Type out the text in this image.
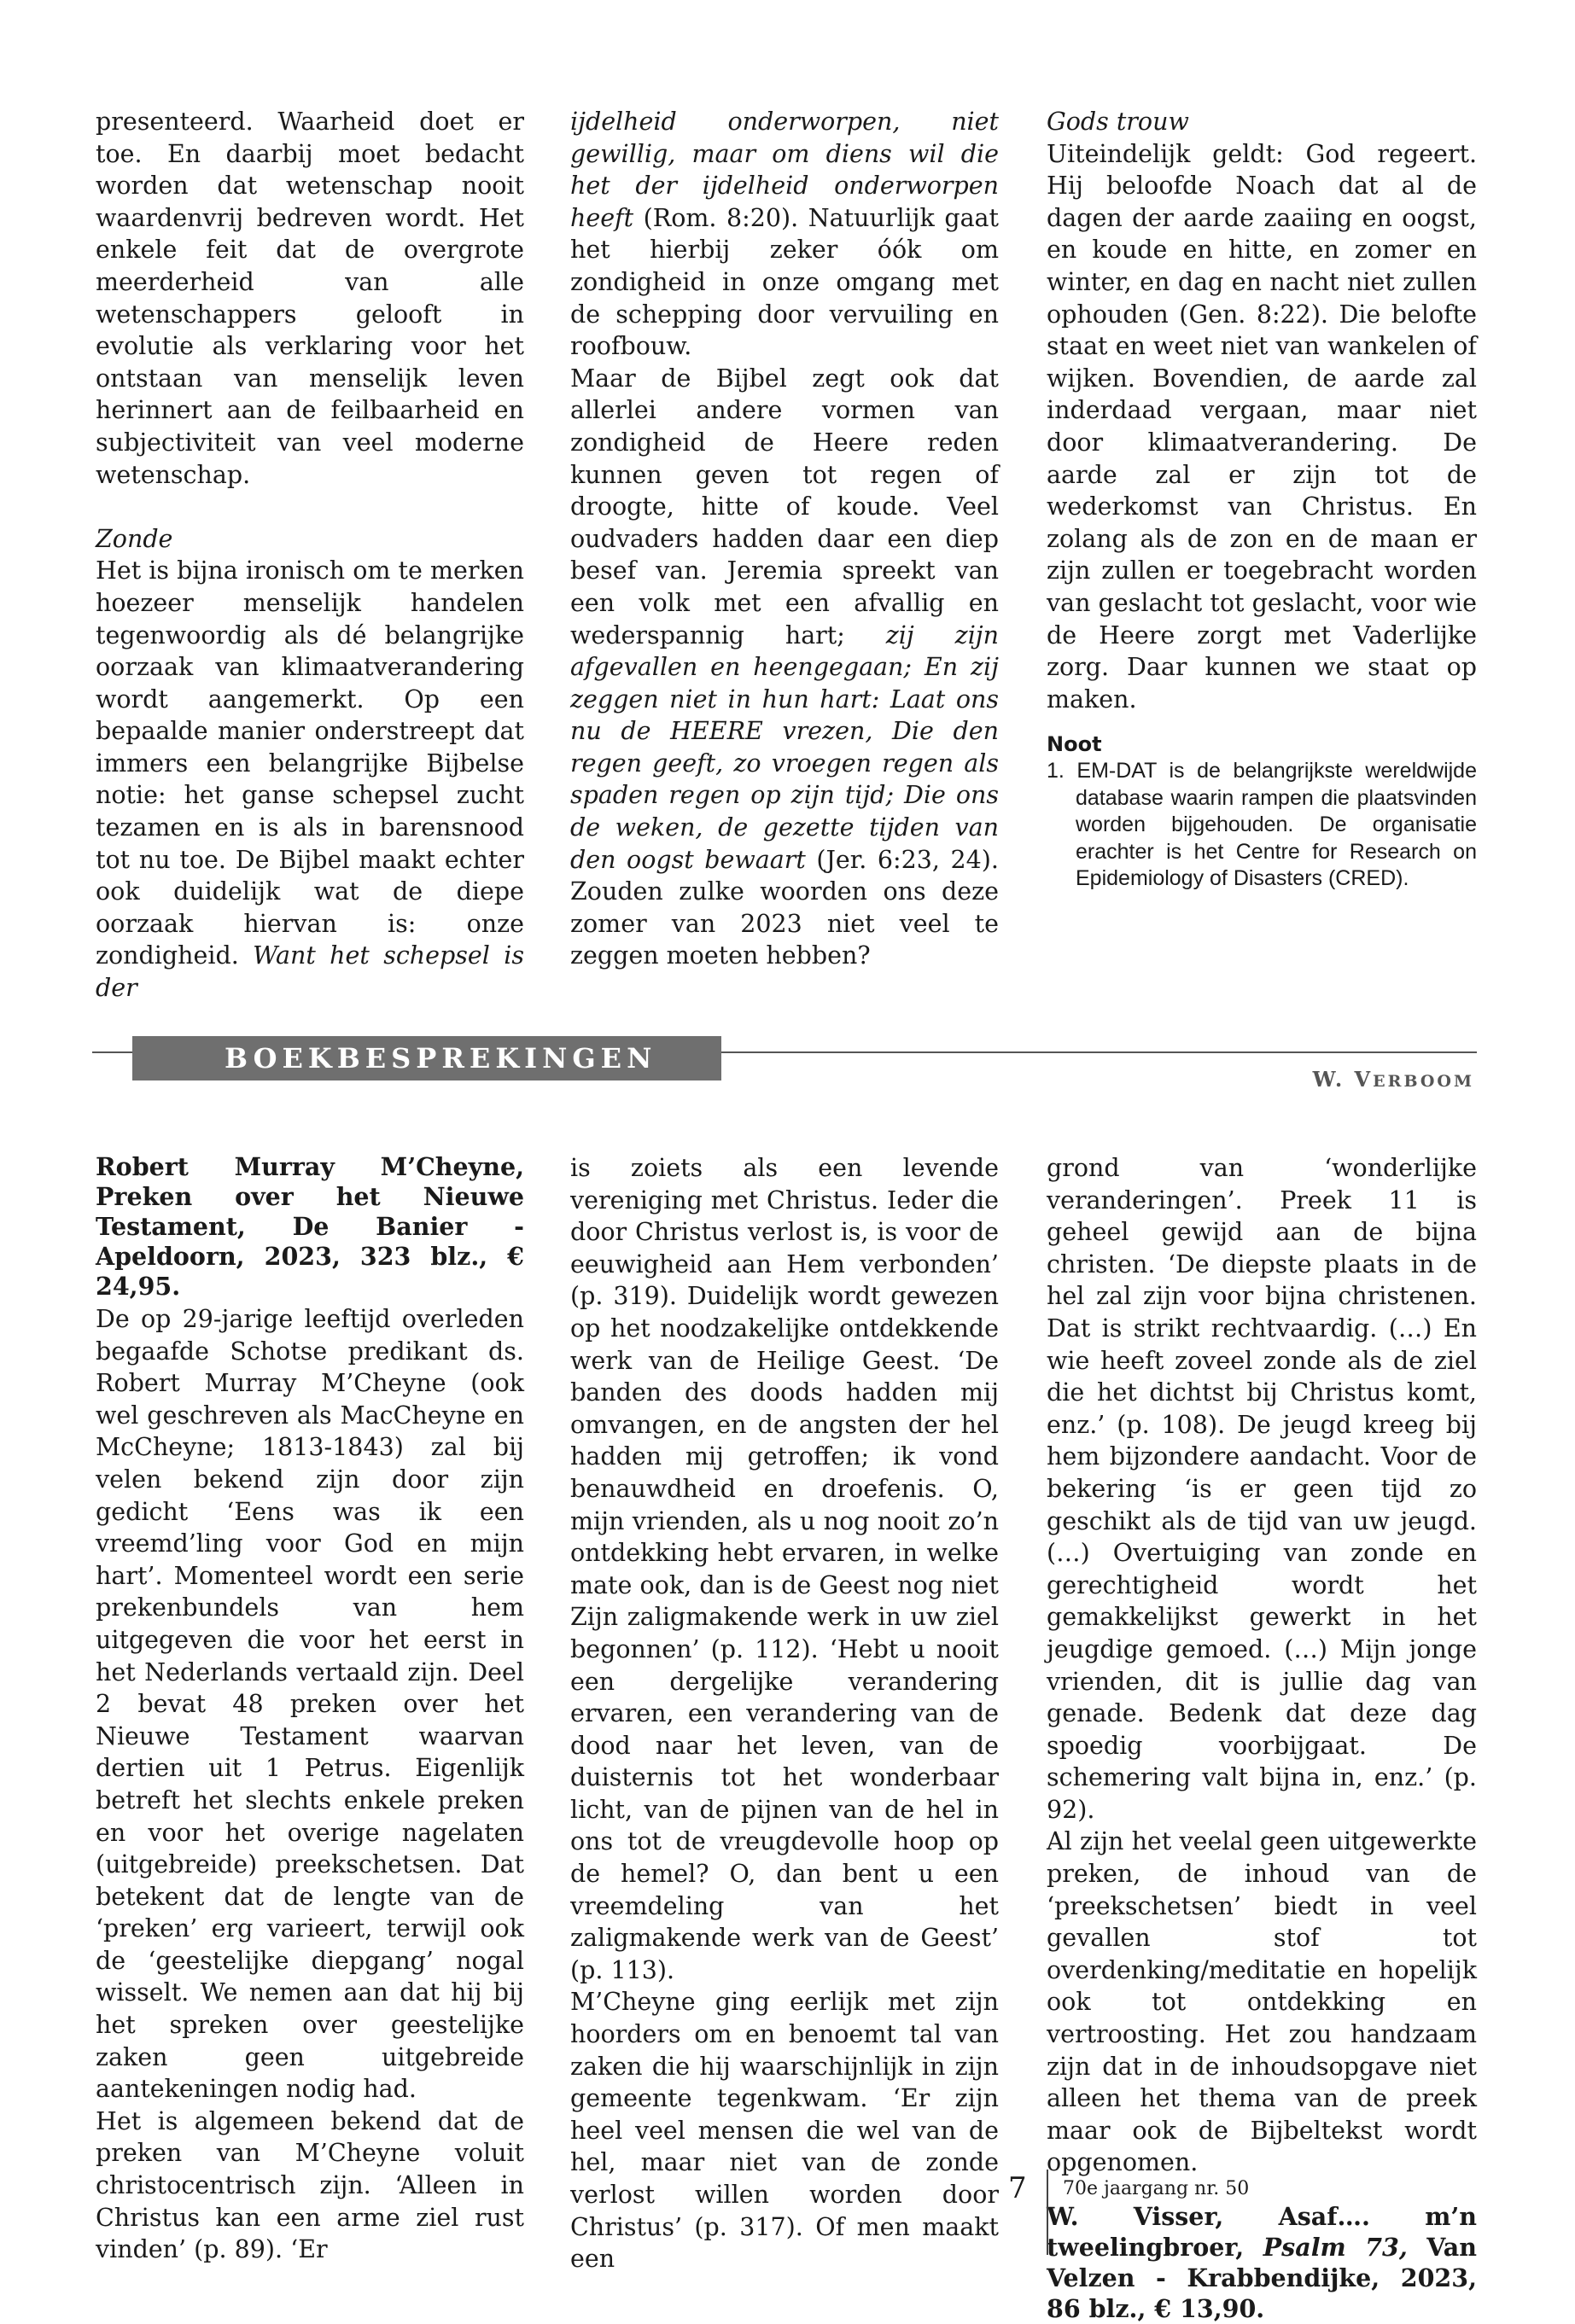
presenteerd. Waarheid doet er toe. En daarbij moet bedacht worden dat wetenschap nooit waardenvrij bedreven wordt. Het enkele feit dat de overgrote meerderheid van alle wetenschappers gelooft in evolutie als verklaring voor het ontstaan van menselijk leven herinnert aan de feilbaarheid en subjectiviteit van veel moderne wetenschap.

Zonde

Het is bijna ironisch om te merken hoezeer menselijk handelen tegenwoordig als dé belangrijke oorzaak van klimaatverandering wordt aangemerkt. Op een bepaalde manier onderstreept dat immers een belangrijke Bijbelse notie: het ganse schepsel zucht tezamen en is als in barensnood tot nu toe. De Bijbel maakt echter ook duidelijk wat de diepe oorzaak hiervan is: onze zondigheid. Want het schepsel is der

ijdelheid onderworpen, niet gewillig, maar om diens wil die het der ijdelheid onderworpen heeft (Rom. 8:20). Natuurlijk gaat het hierbij zeker óók om zondigheid in onze omgang met de schepping door vervuiling en roofbouw.

Maar de Bijbel zegt ook dat allerlei andere vormen van zondigheid de Heere reden kunnen geven tot regen of droogte, hitte of koude. Veel oudvaders hadden daar een diep besef van. Jeremia spreekt van een volk met een afvallig en wederspannig hart; zij zijn afgevallen en heengegaan; En zij zeggen niet in hun hart: Laat ons nu de HEERE vrezen, Die den regen geeft, zo vroegen regen als spaden regen op zijn tijd; Die ons de weken, de gezette tijden van den oogst bewaart (Jer. 6:23, 24). Zouden zulke woorden ons deze zomer van 2023 niet veel te zeggen moeten hebben?

Gods trouw

Uiteindelijk geldt: God regeert. Hij beloofde Noach dat al de dagen der aarde zaaiing en oogst, en koude en hitte, en zomer en winter, en dag en nacht niet zullen ophouden (Gen. 8:22). Die belofte staat en weet niet van wankelen of wijken. Bovendien, de aarde zal inderdaad vergaan, maar niet door klimaatverandering. De aarde zal er zijn tot de wederkomst van Christus. En zolang als de zon en de maan er zijn zullen er toegebracht worden van geslacht tot geslacht, voor wie de Heere zorgt met Vaderlijke zorg. Daar kunnen we staat op maken.

Noot
1. EM-DAT is de belangrijkste wereldwijde database waarin rampen die plaatsvinden worden bijgehouden. De organisatie erachter is het Centre for Research on Epidemiology of Disasters (CRED).
BOEKBESPREKINGEN
W. VERBOOM

Robert Murray M’Cheyne, Preken over het Nieuwe Testament, De Banier - Apeldoorn, 2023, 323 blz., € 24,95.

De op 29-jarige leeftijd overleden begaafde Schotse predikant ds. Robert Murray M’Cheyne (ook wel geschreven als MacCheyne en McCheyne; 1813-1843) zal bij velen bekend zijn door zijn gedicht ‘Eens was ik een vreemd’ling voor God en mijn hart’. Momenteel wordt een serie prekenbundels van hem uitgegeven die voor het eerst in het Nederlands vertaald zijn. Deel 2 bevat 48 preken over het Nieuwe Testament waarvan dertien uit 1 Petrus. Eigenlijk betreft het slechts enkele preken en voor het overige nagelaten (uitgebreide) preekschetsen. Dat betekent dat de lengte van de ‘preken’ erg varieert, terwijl ook de ‘geestelijke diepgang’ nogal wisselt. We nemen aan dat hij bij het spreken over geestelijke zaken geen uitgebreide aantekeningen nodig had.

Het is algemeen bekend dat de preken van M’Cheyne voluit christocentrisch zijn. ‘Alleen in Christus kan een arme ziel rust vinden’ (p. 89). ‘Er

is zoiets als een levende vereniging met Christus. Ieder die door Christus verlost is, is voor de eeuwigheid aan Hem verbonden’ (p. 319). Duidelijk wordt gewezen op het noodzakelijke ontdekkende werk van de Heilige Geest. ‘De banden des doods hadden mij omvangen, en de angsten der hel hadden mij getroffen; ik vond benauwdheid en droefenis. O, mijn vrienden, als u nog nooit zo’n ontdekking hebt ervaren, in welke mate ook, dan is de Geest nog niet Zijn zaligmakende werk in uw ziel begonnen’ (p. 112). ‘Hebt u nooit een dergelijke verandering ervaren, een verandering van de dood naar het leven, van de duisternis tot het wonderbaar licht, van de pijnen van de hel in ons tot de vreugdevolle hoop op de hemel? O, dan bent u een vreemdeling van het zaligmakende werk van de Geest’ (p. 113).

M’Cheyne ging eerlijk met zijn hoorders om en benoemt tal van zaken die hij waarschijnlijk in zijn gemeente tegenkwam. ‘Er zijn heel veel mensen die wel van de hel, maar niet van de zonde verlost willen worden door Christus’ (p. 317). Of men maakt een

grond van ‘wonderlijke veranderingen’. Preek 11 is geheel gewijd aan de bijna christen. ‘De diepste plaats in de hel zal zijn voor bijna christenen. Dat is strikt rechtvaardig. (…) En wie heeft zoveel zonde als de ziel die het dichtst bij Christus komt, enz.’ (p. 108). De jeugd kreeg bij hem bijzondere aandacht. Voor de bekering ‘is er geen tijd zo geschikt als de tijd van uw jeugd. (…) Overtuiging van zonde en gerechtigheid wordt het gemakkelijkst gewerkt in het jeugdige gemoed. (…) Mijn jonge vrienden, dit is jullie dag van genade. Bedenk dat deze dag spoedig voorbijgaat. De schemering valt bijna in, enz.’ (p. 92).

Al zijn het veelal geen uitgewerkte preken, de inhoud van de ‘preekschetsen’ biedt in veel gevallen stof tot overdenking/meditatie en hopelijk ook tot ontdekking en vertroosting. Het zou handzaam zijn dat in de inhoudsopgave niet alleen het thema van de preek maar ook de Bijbeltekst wordt opgenomen.

W. Visser, Asaf…. m’n tweelingbroer, Psalm 73, Van Velzen - Krabbendijke, 2023, 86 blz., € 13,90.

7 70e jaargang nr. 50
